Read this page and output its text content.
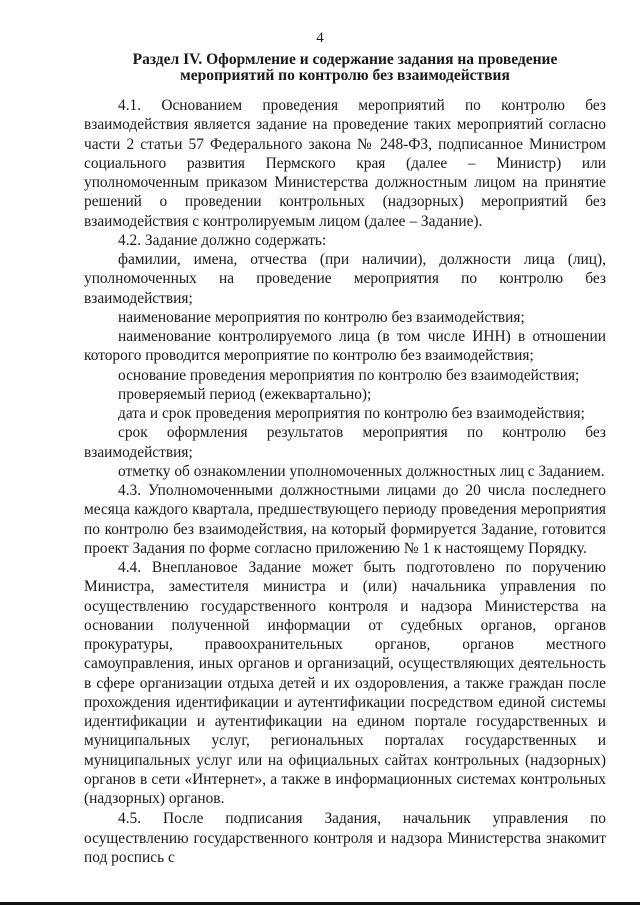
4
Раздел IV. Оформление и содержание задания на проведение мероприятий по контролю без взаимодействия

4.1. Основанием проведения мероприятий по контролю без взаимодействия является задание на проведение таких мероприятий согласно части 2 статьи 57 Федерального закона № 248-ФЗ, подписанное Министром социального развития Пермского края (далее – Министр) или уполномоченным приказом Министерства должностным лицом на принятие решений о проведении контрольных (надзорных) мероприятий без взаимодействия с контролируемым лицом (далее – Задание).

4.2. Задание должно содержать:

фамилии, имена, отчества (при наличии), должности лица (лиц), уполномоченных на проведение мероприятия по контролю без взаимодействия;

наименование мероприятия по контролю без взаимодействия;

наименование контролируемого лица (в том числе ИНН) в отношении которого проводится мероприятие по контролю без взаимодействия;

основание проведения мероприятия по контролю без взаимодействия;

проверяемый период (ежеквартально);

дата и срок проведения мероприятия по контролю без взаимодействия;

срок оформления результатов мероприятия по контролю без взаимодействия;

отметку об ознакомлении уполномоченных должностных лиц с Заданием.

4.3. Уполномоченными должностными лицами до 20 числа последнего месяца каждого квартала, предшествующего периоду проведения мероприятия по контролю без взаимодействия, на который формируется Задание, готовится проект Задания по форме согласно приложению № 1 к настоящему Порядку.

4.4. Внеплановое Задание может быть подготовлено по поручению Министра, заместителя министра и (или) начальника управления по осуществлению государственного контроля и надзора Министерства на основании полученной информации от судебных органов, органов прокуратуры, правоохранительных органов, органов местного самоуправления, иных органов и организаций, осуществляющих деятельность в сфере организации отдыха детей и их оздоровления, а также граждан после прохождения идентификации и аутентификации посредством единой системы идентификации и аутентификации на едином портале государственных и муниципальных услуг, региональных порталах государственных и муниципальных услуг или на официальных сайтах контрольных (надзорных) органов в сети «Интернет», а также в информационных системах контрольных (надзорных) органов.

4.5. После подписания Задания, начальник управления по осуществлению государственного контроля и надзора Министерства знакомит под роспись с
